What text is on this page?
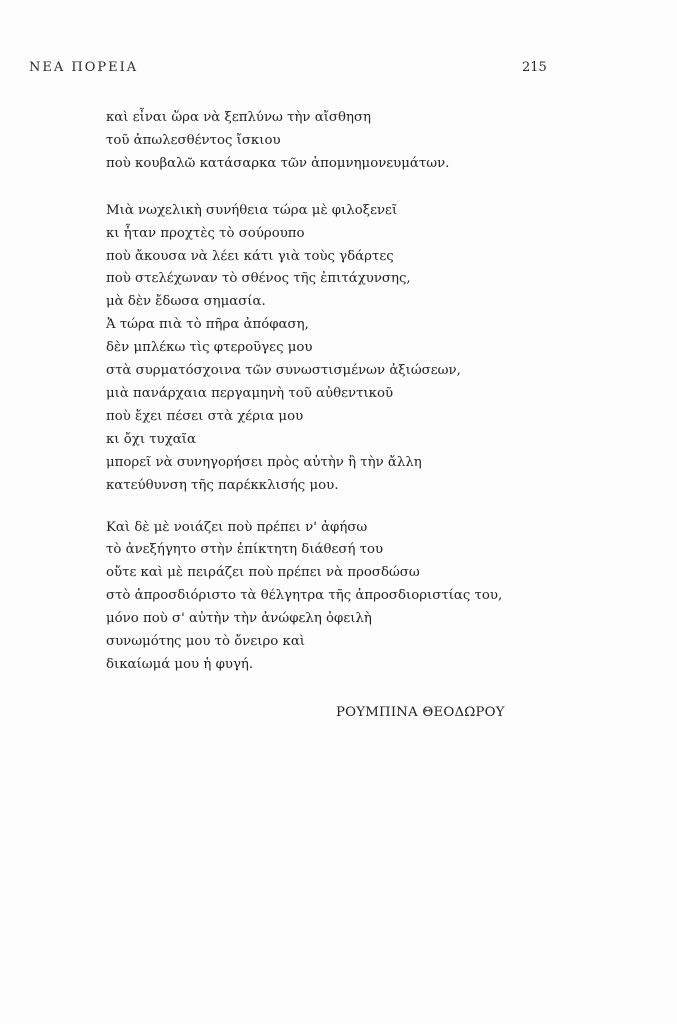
ΝΕΑ ΠΟΡΕΙΑ	215
καὶ εἶναι ὥρα νὰ ξεπλύνω τὴν αἴσθηση
τοῦ ἀπωλεσθέντος ἴσκιου
ποὺ κουβαλῶ κατάσαρκα τῶν ἀπομνημονευμάτων.
Μιὰ νωχελικὴ συνήθεια τώρα μὲ φιλοξενεῖ
κι ἦταν προχτὲς τὸ σούρουπο
ποὺ ἄκουσα νὰ λέει κάτι γιὰ τοὺς γδάρτες
ποὺ στελέχωναν τὸ σθένος τῆς ἐπιτάχυνσης,
μὰ δὲν ἔδωσα σημασία.
Ἀ τώρα πιὰ τὸ πῆρα ἀπόφαση,
δὲν μπλέκω τὶς φτεροῦγες μου
στὰ συρματόσχοινα τῶν συνωστισμένων ἀξιώσεων,
μιὰ πανάρχαια περγαμηνὴ τοῦ αὐθεντικοῦ
ποὺ ἔχει πέσει στὰ χέρια μου
κι ὄχι τυχαῖα
μπορεῖ νὰ συνηγορήσει πρὸς αὐτὴν ἢ τὴν ἄλλη
κατεύθυνση τῆς παρέκκλισής μου.
Καὶ δὲ μὲ νοιάζει ποὺ πρέπει ν' ἀφήσω
τὸ ἀνεξήγητο στὴν ἐπίκτητη διάθεσή του
οὔτε καὶ μὲ πειράζει ποὺ πρέπει νὰ προσδώσω
στὸ ἀπροσδιόριστο τὰ θέλγητρα τῆς ἀπροσδιοριστίας του,
μόνο ποὺ σ' αὐτὴν τὴν ἀνώφελη ὀφειλὴ
συνωμότης μου τὸ ὄνειρο καὶ
δικαίωμά μου ἡ φυγή.
ΡΟΥΜΠΙΝΑ ΘΕΟΔΩΡΟΥ
